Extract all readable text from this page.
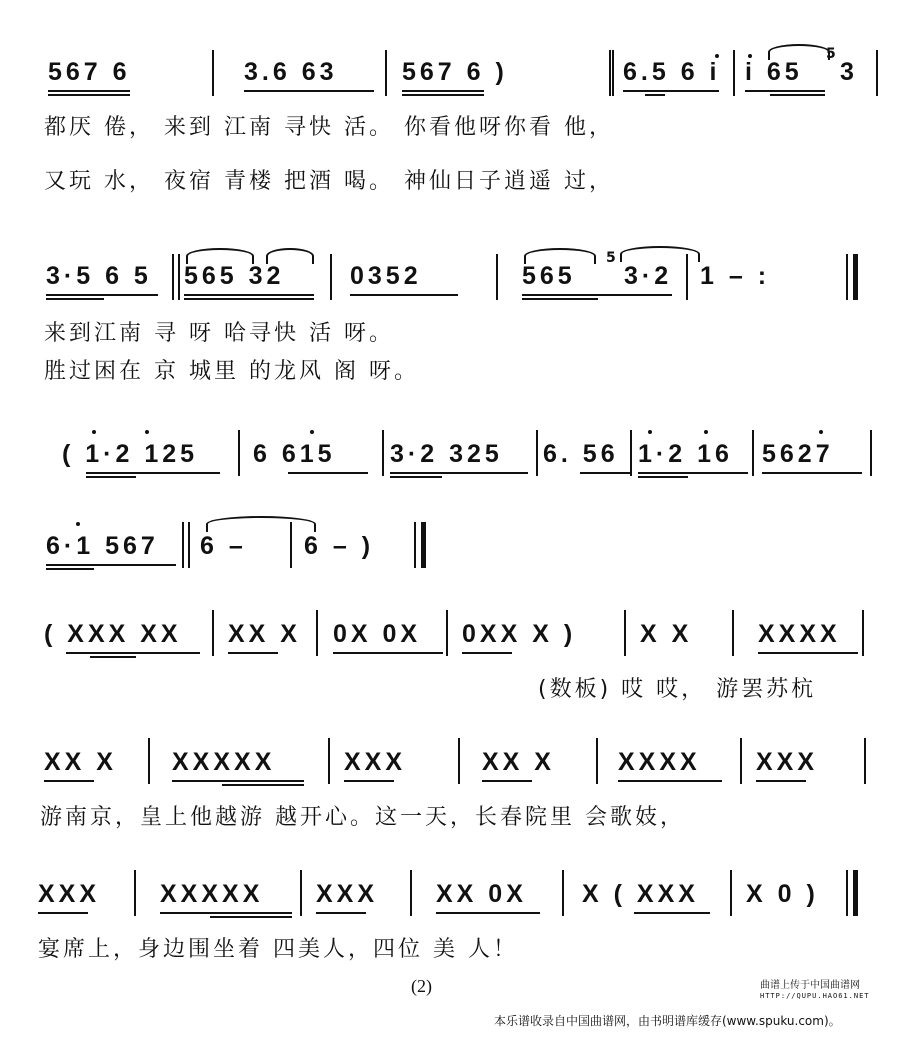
567 6	3.6 63	567 6 )	6.5 6 i i 65
5
3
都厌 倦， 来到 江南 寻快 活。 你看他呀你看 他，
又玩 水， 夜宿 青楼 把酒 喝。 神仙日子逍遥 过，
3·5 6 5 565 32	0352	565
5
3·2 1 – :
来到江南 寻 呀 哈寻快 活 呀。
胜过困在 京 城里 的龙风 阁 呀。
( 1·2 125 6 615 3·2 325 6. 56 1·2 16 5627
6·1 567 6 – 6 – )
( XXX XX XX X 0X 0X 0XX X )	X X	XXXX
(数板) 哎 哎， 游罢苏杭
XX X XXXXX	XXX	XX X	XXXX XXX
游南京，皇上他越游 越开心。这一天，长春院里 会歌妓，
XXX XXXXX XXX XX 0X X ( XXX X 0 )
宴席上，身边围坐着 四美人，四位 美 人！
(2)	曲谱上传于中国曲谱网
HTTP://QUPU.HAO61.NET
本乐谱收录自中国曲谱网，由书明谱库缓存(www.spuku.com)。
